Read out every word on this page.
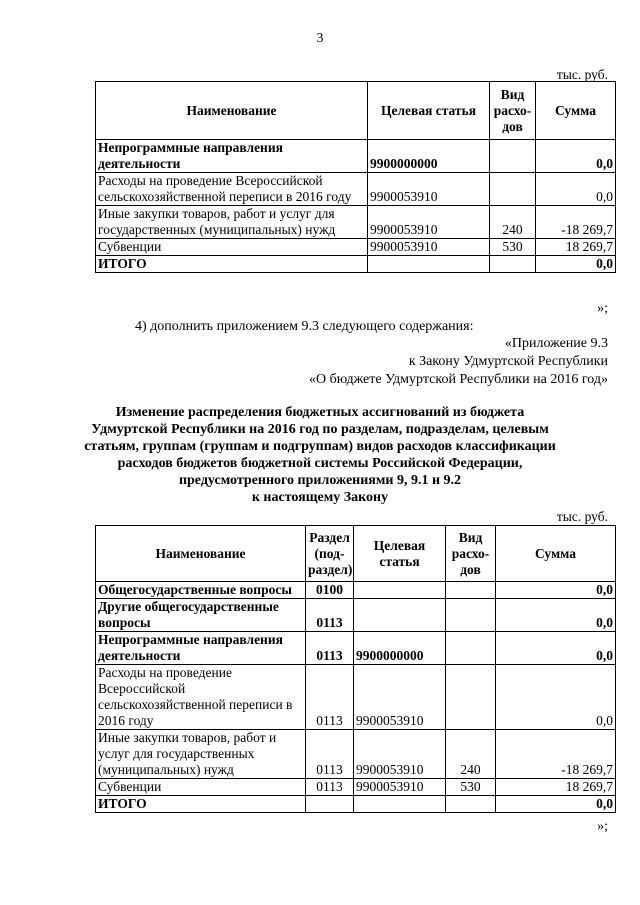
3
тыс. руб.
Наименование	Целевая статья	Вид расхо- дов	Сумма
Непрограммные направления деятельности	9900000000		0,0
Расходы на проведение Всероссийской сельскохозяйственной переписи в 2016 году	9900053910		0,0
Иные закупки товаров, работ и услуг для государственных (муниципальных) нужд	9900053910	240	-18 269,7
Субвенции	9900053910	530	18 269,7
ИТОГО			0,0
»;
4) дополнить приложением 9.3 следующего содержания:
«Приложение 9.3
к Закону Удмуртской Республики
«О бюджете Удмуртской Республики на 2016 год»
Изменение распределения бюджетных ассигнований из бюджета
Удмуртской Республики на 2016 год по разделам, подразделам, целевым
статьям, группам (группам и подгруппам) видов расходов классификации
расходов бюджетов бюджетной системы Российской Федерации,
предусмотренного приложениями 9, 9.1 и 9.2
к настоящему Закону
тыс. руб.
Наименование	Раздел (под- раздел)	Целевая статья	Вид расхо- дов	Сумма
Общегосударственные вопросы	0100			0,0
Другие общегосударственные вопросы	0113			0,0
Непрограммные направления деятельности	0113	9900000000		0,0
Расходы на проведение Всероссийской сельскохозяйственной переписи в 2016 году	0113	9900053910		0,0
Иные закупки товаров, работ и услуг для государственных (муниципальных) нужд	0113	9900053910	240	-18 269,7
Субвенции	0113	9900053910	530	18 269,7
ИТОГО				0,0
»;
